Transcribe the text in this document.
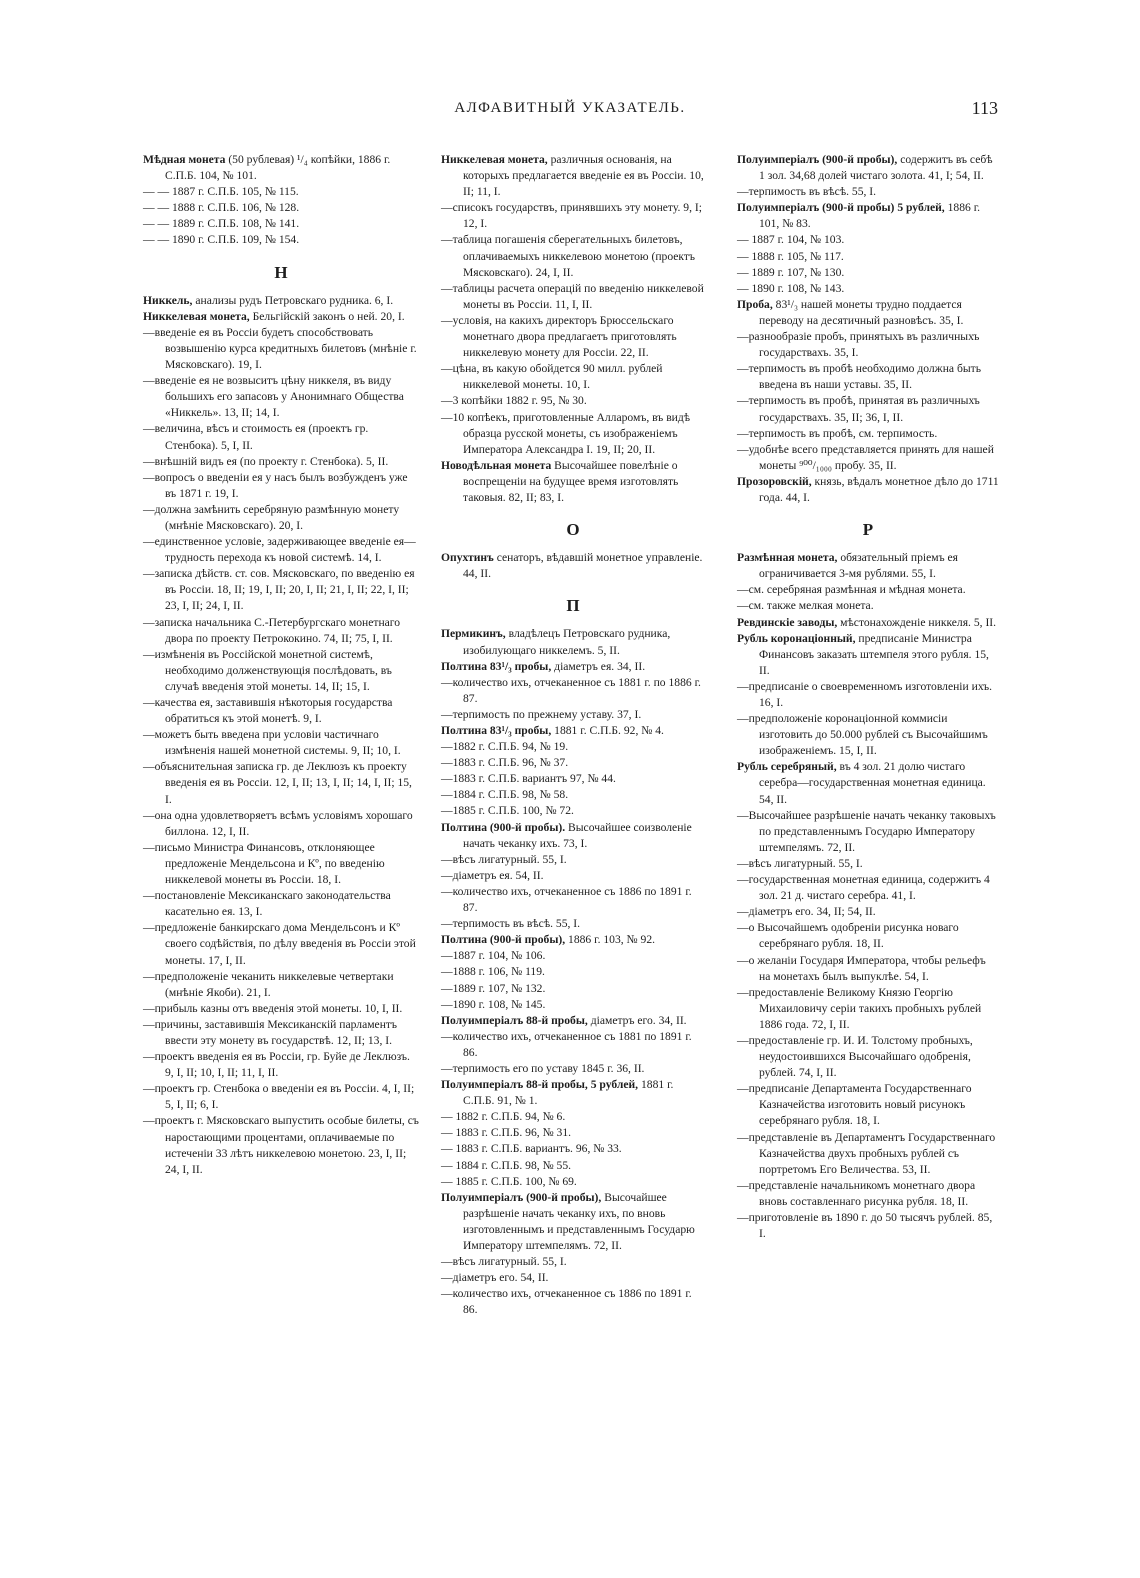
АЛФАВИТНЫЙ УКАЗАТЕЛЬ.	113
Мѣдная монета (50 рублевая) ¹/₄ копѣйки, 1886 г. С.П.Б. 104, № 101.
— — 1887 г. С.П.Б. 105, № 115.
— — 1888 г. С.П.Б. 106, № 128.
— — 1889 г. С.П.Б. 108, № 141.
— — 1890 г. С.П.Б. 109, № 154.
Н
Никкель, анализы рудъ Петровскаго рудника. 6, I.
Никкелевая монета, Бельгійскій законъ о ней. 20, I.
—введеніе ея въ Россіи будетъ способствовать возвышенію курса кредитныхъ билетовъ (мнѣніе г. Мясковскаго). 19, I.
—введеніе ея не возвыситъ цѣну никкеля, въ виду большихъ его запасовъ у Анонимнаго Общества «Никкель». 13, II; 14, I.
—величина, вѣсъ и стоимость ея (проектъ гр. Стенбока). 5, I, II.
—внѣшній видъ ея (по проекту г. Стенбока). 5, II.
—вопросъ о введеніи ея у насъ былъ возбужденъ уже въ 1871 г. 19, I.
—должна замѣнить серебряную размѣнную монету (мнѣніе Мясковскаго). 20, I.
—единственное условіе, задерживающее введеніе ея—трудность перехода къ новой системѣ. 14, I.
—записка дѣйств. ст. сов. Мясковскаго, по введенію ея въ Россіи. 18, II; 19, I, II; 20, I, II; 21, I, II; 22, I, II; 23, I, II; 24, I, II.
—записка начальника С.-Петербургскаго монетнаго двора по проекту Петрококино. 74, II; 75, I, II.
—измѣненія въ Россійской монетной системѣ, необходимо долженствующія послѣдовать, въ случаѣ введенія этой монеты. 14, II; 15, I.
—качества ея, заставившія нѣкоторыя государства обратиться къ этой монетѣ. 9, I.
—можетъ быть введена при условіи частичнаго измѣненія нашей монетной системы. 9, II; 10, I.
—объяснительная записка гр. де Леклюзъ къ проекту введенія ея въ Россіи. 12, I, II; 13, I, II; 14, I, II; 15, I.
—она одна удовлетворяетъ всѣмъ условіямъ хорошаго биллона. 12, I, II.
—письмо Министра Финансовъ, отклоняющее предложеніе Мендельсона и Кº, по введенію никкелевой монеты въ Россіи. 18, I.
—постановленіе Мексиканскаго законодательства касательно ея. 13, I.
—предложеніе банкирскаго дома Мендельсонъ и Кº своего содѣйствія, по дѣлу введенія въ Россіи этой монеты. 17, I, II.
—предположеніе чеканить никкелевые четвертаки (мнѣніе Якоби). 21, I.
—прибыль казны отъ введенія этой монеты. 10, I, II.
—причины, заставившія Мексиканскій парламентъ ввести эту монету въ государствѣ. 12, II; 13, I.
—проектъ введенія ея въ Россіи, гр. Буйе де Леклюзъ. 9, I, II; 10, I, II; 11, I, II.
—проектъ гр. Стенбока о введеніи ея въ Россіи. 4, I, II; 5, I, II; 6, I.
—проектъ г. Мясковскаго выпустить особые билеты, съ наростающими процентами, оплачиваемые по истеченіи 33 лѣтъ никкелевою монетою. 23, I, II; 24, I, II.
Никкелевая монета, различныя основанія, на которыхъ предлагается введеніе ея въ Россіи. 10, II; 11, I.
—списокъ государствъ, принявшихъ эту монету. 9, I; 12, I.
—таблица погашенія сберегательныхъ билетовъ, оплачиваемыхъ никкелевою монетою (проектъ Мясковскаго). 24, I, II.
—таблицы расчета операцій по введенію никкелевой монеты въ Россіи. 11, I, II.
—условія, на какихъ директоръ Брюссельскаго монетнаго двора предлагаетъ приготовлять никкелевую монету для Россіи. 22, II.
—цѣна, въ какую обойдется 90 милл. рублей никкелевой монеты. 10, I.
—3 копѣйки 1882 г. 95, № 30.
—10 копѣекъ, приготовленные Алларомъ, въ видѣ образца русской монеты, съ изображеніемъ Императора Александра I. 19, II; 20, II.
Новодѣльная монета Высочайшее повелѣніе о воспрещеніи на будущее время изготовлять таковыя. 82, II; 83, I.
О
Опухтинъ сенаторъ, вѣдавшій монетное управленіе. 44, II.
П
Пермикинъ, владѣлецъ Петровскаго рудника, изобилующаго никкелемъ. 5, II.
Полтина 83¹/₃ пробы, діаметръ ея. 34, II.
—количество ихъ, отчеканенное съ 1881 г. по 1886 г. 87.
—терпимость по прежнему уставу. 37, I.
Полтина 83¹/₃ пробы, 1881 г. С.П.Б. 92, № 4.
—1882 г. С.П.Б. 94, № 19.
—1883 г. С.П.Б. 96, № 37.
—1883 г. С.П.Б. вариантъ 97, № 44.
—1884 г. С.П.Б. 98, № 58.
—1885 г. С.П.Б. 100, № 72.
Полтина (900-й пробы). Высочайшее соизволеніе начать чеканку ихъ. 73, I.
—вѣсъ лигатурный. 55, I.
—діаметръ ея. 54, II.
—количество ихъ, отчеканенное съ 1886 по 1891 г. 87.
—терпимость въ вѣсѣ. 55, I.
Полтина (900-й пробы), 1886 г. 103, № 92.
—1887 г. 104, № 106.
—1888 г. 106, № 119.
—1889 г. 107, № 132.
—1890 г. 108, № 145.
Полуимперіалъ 88-й пробы, діаметръ его. 34, II.
—количество ихъ, отчеканенное съ 1881 по 1891 г. 86.
—терпимость его по уставу 1845 г. 36, II.
Полуимперіалъ 88-й пробы, 5 рублей, 1881 г. С.П.Б. 91, № 1.
— 1882 г. С.П.Б. 94, № 6.
— 1883 г. С.П.Б. 96, № 31.
— 1883 г. С.П.Б. вариантъ. 96, № 33.
— 1884 г. С.П.Б. 98, № 55.
— 1885 г. С.П.Б. 100, № 69.
Полуимперіалъ (900-й пробы), Высочайшее разрѣшеніе начать чеканку ихъ, по вновь изготовленнымъ и представленнымъ Государю Императору штемпелямъ. 72, II.
—вѣсъ лигатурный. 55, I.
—діаметръ его. 54, II.
—количество ихъ, отчеканенное съ 1886 по 1891 г. 86.
Полуимперіалъ (900-й пробы), содержитъ въ себѣ 1 зол. 34,68 долей чистаго золота. 41, I; 54, II.
—терпимость въ вѣсѣ. 55, I.
Полуимперіалъ (900-й пробы) 5 рублей, 1886 г. 101, № 83.
— 1887 г. 104, № 103.
— 1888 г. 105, № 117.
— 1889 г. 107, № 130.
— 1890 г. 108, № 143.
Проба, 83¹/₃ нашей монеты трудно поддается переводу на десятичный разновѣсъ. 35, I.
—разнообразіе пробъ, принятыхъ въ различныхъ государствахъ. 35, I.
—терпимость въ пробѣ необходимо должна быть введена въ наши уставы. 35, II.
—терпимость въ пробѣ, принятая въ различныхъ государствахъ. 35, II; 36, I, II.
—терпимость въ пробѣ, см. терпимость.
—удобнѣе всего представляется принять для нашей монеты ⁹⁰⁰/₁₀₀₀ пробу. 35, II.
Прозоровскій, князь, вѣдалъ монетное дѣло до 1711 года. 44, I.
Р
Размѣнная монета, обязательный пріемъ ея ограничивается 3-мя рублями. 55, I.
—см. серебряная размѣнная и мѣдная монета.
—см. также мелкая монета.
Ревдинскіе заводы, мѣстонахожденіе никкеля. 5, II.
Рубль коронаціонный, предписаніе Министра Финансовъ заказать штемпеля этого рубля. 15, II.
—предписаніе о своевременномъ изготовленіи ихъ. 16, I.
—предположеніе коронаціонной коммисіи изготовить до 50.000 рублей съ Высочайшимъ изображеніемъ. 15, I, II.
Рубль серебряный, въ 4 зол. 21 долю чистаго серебра—государственная монетная единица. 54, II.
—Высочайшее разрѣшеніе начать чеканку таковыхъ по представленнымъ Государю Императору штемпелямъ. 72, II.
—вѣсъ лигатурный. 55, I.
—государственная монетная единица, содержитъ 4 зол. 21 д. чистаго серебра. 41, I.
—діаметръ его. 34, II; 54, II.
—о Высочайшемъ одобреніи рисунка новаго серебрянаго рубля. 18, II.
—о желаніи Государя Императора, чтобы рельефъ на монетахъ былъ выпуклѣе. 54, I.
—предоставленіе Великому Князю Георгію Михаиловичу серіи такихъ пробныхъ рублей 1886 года. 72, I, II.
—предоставленіе гр. И. И. Толстому пробныхъ, неудостоившихся Высочайшаго одобренія, рублей. 74, I, II.
—предписаніе Департамента Государственнаго Казначейства изготовить новый рисунокъ серебрянаго рубля. 18, I.
—представленіе въ Департаментъ Государственнаго Казначейства двухъ пробныхъ рублей съ портретомъ Его Величества. 53, II.
—представленіе начальникомъ монетнаго двора вновь составленнаго рисунка рубля. 18, II.
—приготовленіе въ 1890 г. до 50 тысячъ рублей. 85, I.
